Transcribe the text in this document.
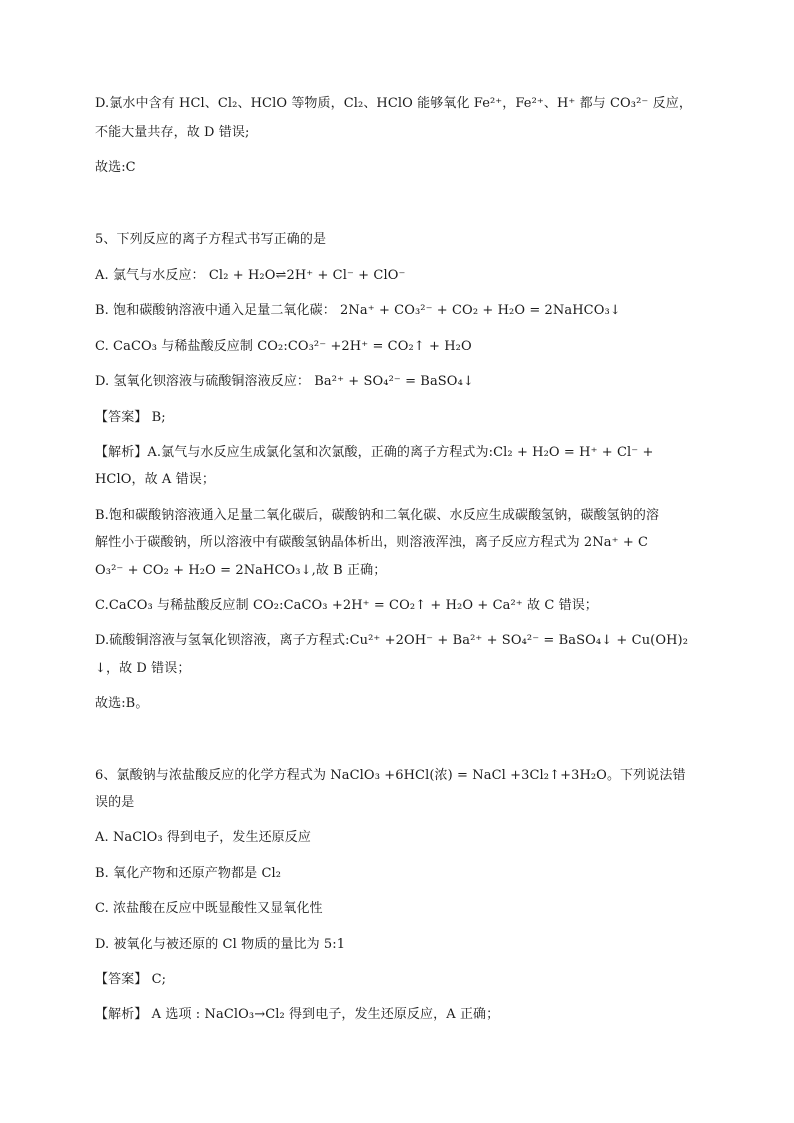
D.氯水中含有 HCl、Cl₂、HClO 等物质，Cl₂、HClO 能够氧化 Fe²⁺，Fe²⁺、H⁺ 都与 CO₃²⁻ 反应，
不能大量共存，故 D 错误;
故选:C
5、下列反应的离子方程式书写正确的是
A. 氯气与水反应： Cl₂ + H₂O⇌2H⁺ + Cl⁻ + ClO⁻
B. 饱和碳酸钠溶液中通入足量二氧化碳： 2Na⁺ + CO₃²⁻ + CO₂ + H₂O = 2NaHCO₃↓
C. CaCO₃ 与稀盐酸反应制 CO₂:CO₃²⁻ +2H⁺ = CO₂↑ + H₂O
D. 氢氧化钡溶液与硫酸铜溶液反应： Ba²⁺ + SO₄²⁻ = BaSO₄↓
【答案】 B;
【解析】A.氯气与水反应生成氯化氢和次氯酸，正确的离子方程式为:Cl₂ + H₂O = H⁺ + Cl⁻ +
HClO，故 A 错误；
B.饱和碳酸钠溶液通入足量二氧化碳后，碳酸钠和二氧化碳、水反应生成碳酸氢钠，碳酸氢钠的溶
解性小于碳酸钠，所以溶液中有碳酸氢钠晶体析出，则溶液浑浊，离子反应方程式为 2Na⁺ + C
O₃²⁻ + CO₂ + H₂O = 2NaHCO₃↓,故 B 正确；
C.CaCO₃ 与稀盐酸反应制 CO₂:CaCO₃ +2H⁺ = CO₂↑ + H₂O + Ca²⁺ 故 C 错误；
D.硫酸铜溶液与氢氧化钡溶液，离子方程式:Cu²⁺ +2OH⁻ + Ba²⁺ + SO₄²⁻ = BaSO₄↓ + Cu(OH)₂
↓，故 D 错误；
故选:B。
6、氯酸钠与浓盐酸反应的化学方程式为 NaClO₃ +6HCl(浓) = NaCl +3Cl₂↑+3H₂O。下列说法错
误的是
A. NaClO₃ 得到电子，发生还原反应
B. 氧化产物和还原产物都是 Cl₂
C. 浓盐酸在反应中既显酸性又显氧化性
D. 被氧化与被还原的 Cl 物质的量比为 5:1
【答案】 C;
【解析】 A 选项 : NaClO₃→Cl₂ 得到电子，发生还原反应，A 正确；
